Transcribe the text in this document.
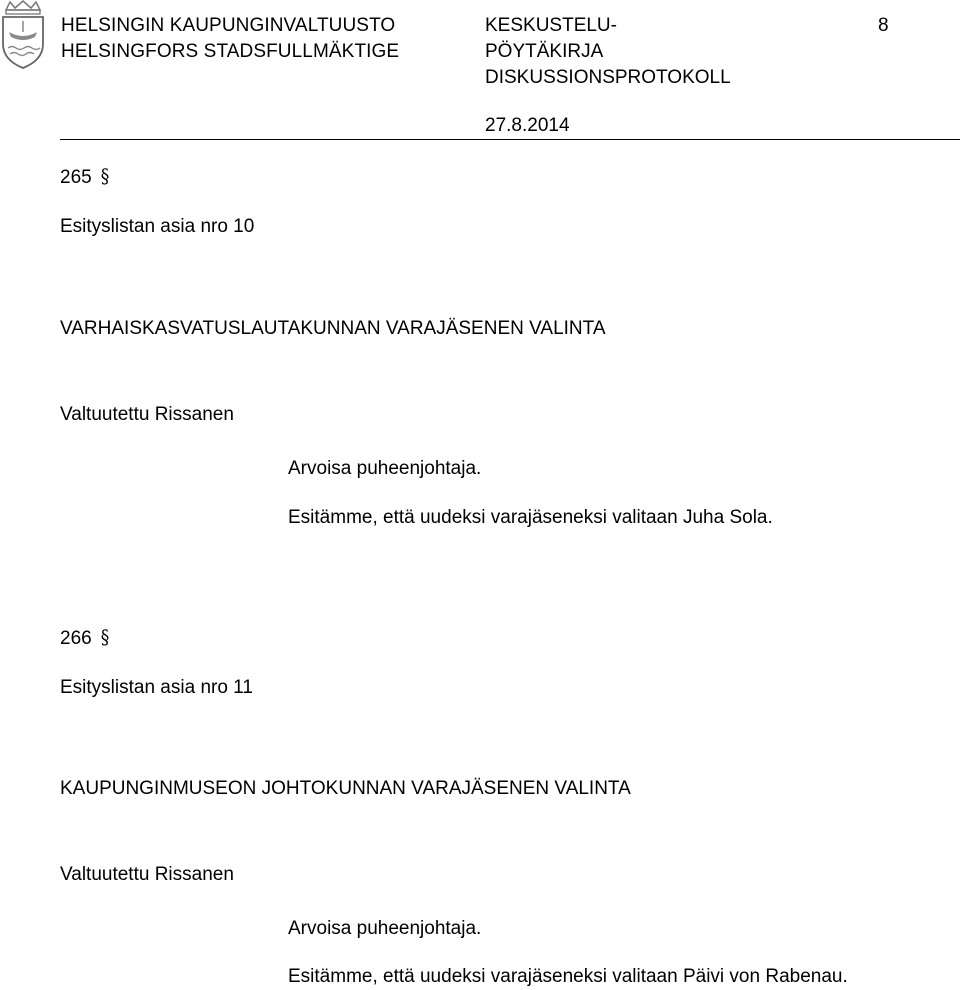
HELSINGIN KAUPUNGINVALTUUSTO
HELSINGFORS STADSFULLMÄKTIGE
KESKUSTELU-
PÖYTÄKIRJA
DISKUSSIONSPROTOKOLL
8
27.8.2014
265 §
Esityslistan asia nro 10
VARHAISKASVATUSLAUTAKUNNAN VARAJÄSENEN VALINTA
Valtuutettu Rissanen
Arvoisa puheenjohtaja.
Esitämme, että uudeksi varajäseneksi valitaan Juha Sola.
266 §
Esityslistan asia nro 11
KAUPUNGINMUSEON JOHTOKUNNAN VARAJÄSENEN VALINTA
Valtuutettu Rissanen
Arvoisa puheenjohtaja.
Esitämme, että uudeksi varajäseneksi valitaan Päivi von Rabenau.
